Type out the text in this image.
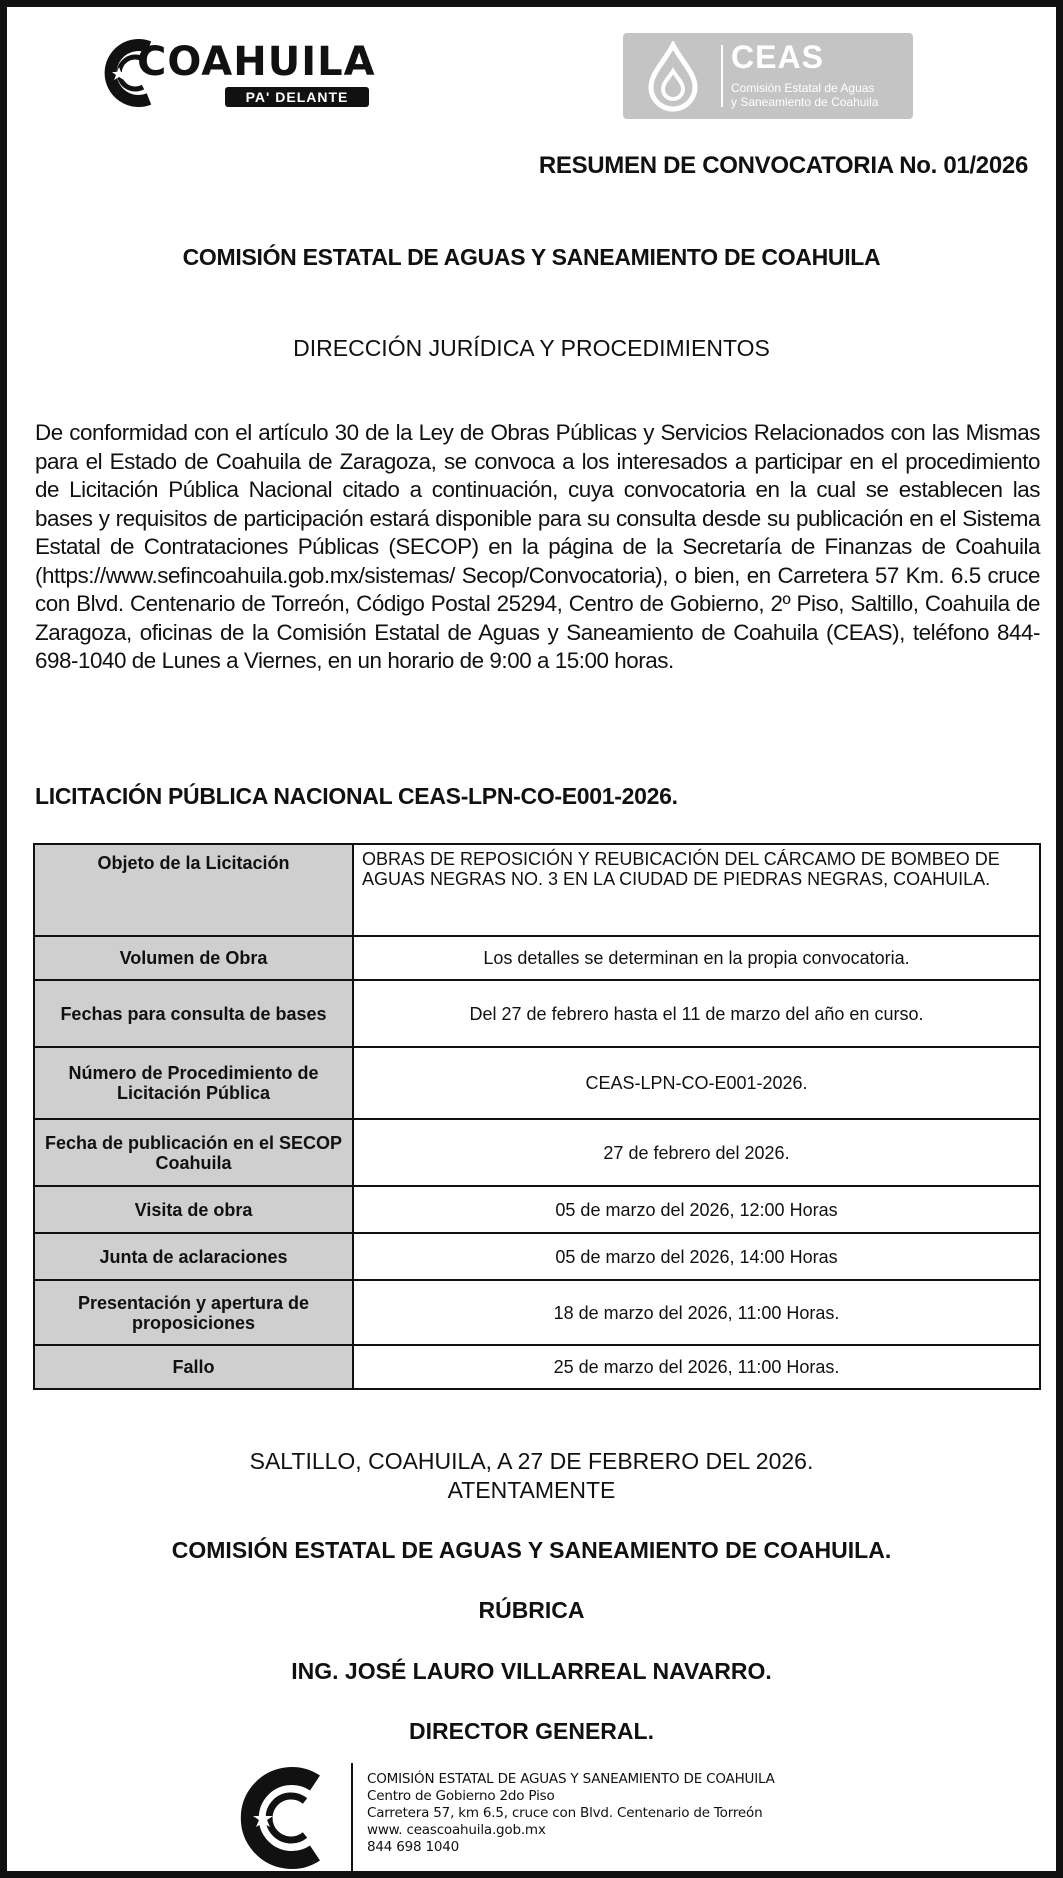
COAHUILA
PA' DELANTE
CEAS
Comisión Estatal de Aguas
y Saneamiento de Coahuila
RESUMEN DE CONVOCATORIA No. 01/2026
COMISIÓN ESTATAL DE AGUAS Y SANEAMIENTO DE COAHUILA
DIRECCIÓN JURÍDICA Y PROCEDIMIENTOS
De conformidad con el artículo 30 de la Ley de Obras Públicas y Servicios Relacionados con las Mismas para el Estado de Coahuila de Zaragoza, se convoca a los interesados a participar en el procedimiento de Licitación Pública Nacional citado a continuación, cuya convocatoria en la cual se establecen las bases y requisitos de participación estará disponible para su consulta desde su publicación en el Sistema Estatal de Contrataciones Públicas (SECOP) en la página de la Secretaría de Finanzas de Coahuila (https://www.sefincoahuila.gob.mx/sistemas/ Secop/Convocatoria), o bien, en Carretera 57 Km. 6.5 cruce con Blvd. Centenario de Torreón, Código Postal 25294, Centro de Gobierno, 2º Piso, Saltillo, Coahuila de Zaragoza, oficinas de la Comisión Estatal de Aguas y Saneamiento de Coahuila (CEAS), teléfono 844-698-1040 de Lunes a Viernes, en un horario de 9:00 a 15:00 horas.
LICITACIÓN PÚBLICA NACIONAL CEAS-LPN-CO-E001-2026.
Objeto de la Licitación	OBRAS DE REPOSICIÓN Y REUBICACIÓN DEL CÁRCAMO DE BOMBEO DE AGUAS NEGRAS NO. 3 EN LA CIUDAD DE PIEDRAS NEGRAS, COAHUILA.
Volumen de Obra	Los detalles se determinan en la propia convocatoria.
Fechas para consulta de bases	Del 27 de febrero hasta el 11 de marzo del año en curso.
Número de Procedimiento de Licitación Pública	CEAS-LPN-CO-E001-2026.
Fecha de publicación en el SECOP Coahuila	27 de febrero del 2026.
Visita de obra	05 de marzo del 2026, 12:00 Horas
Junta de aclaraciones	05 de marzo del 2026, 14:00 Horas
Presentación y apertura de proposiciones	18 de marzo del 2026, 11:00 Horas.
Fallo	25 de marzo del 2026, 11:00 Horas.
SALTILLO, COAHUILA, A 27 DE FEBRERO DEL 2026.
ATENTAMENTE
COMISIÓN ESTATAL DE AGUAS Y SANEAMIENTO DE COAHUILA.
RÚBRICA
ING. JOSÉ LAURO VILLARREAL NAVARRO.
DIRECTOR GENERAL.
COMISIÓN ESTATAL DE AGUAS Y SANEAMIENTO DE COAHUILA
Centro de Gobierno 2do Piso
Carretera 57, km 6.5, cruce con Blvd. Centenario de Torreón
www. ceascoahuila.gob.mx
844 698 1040
